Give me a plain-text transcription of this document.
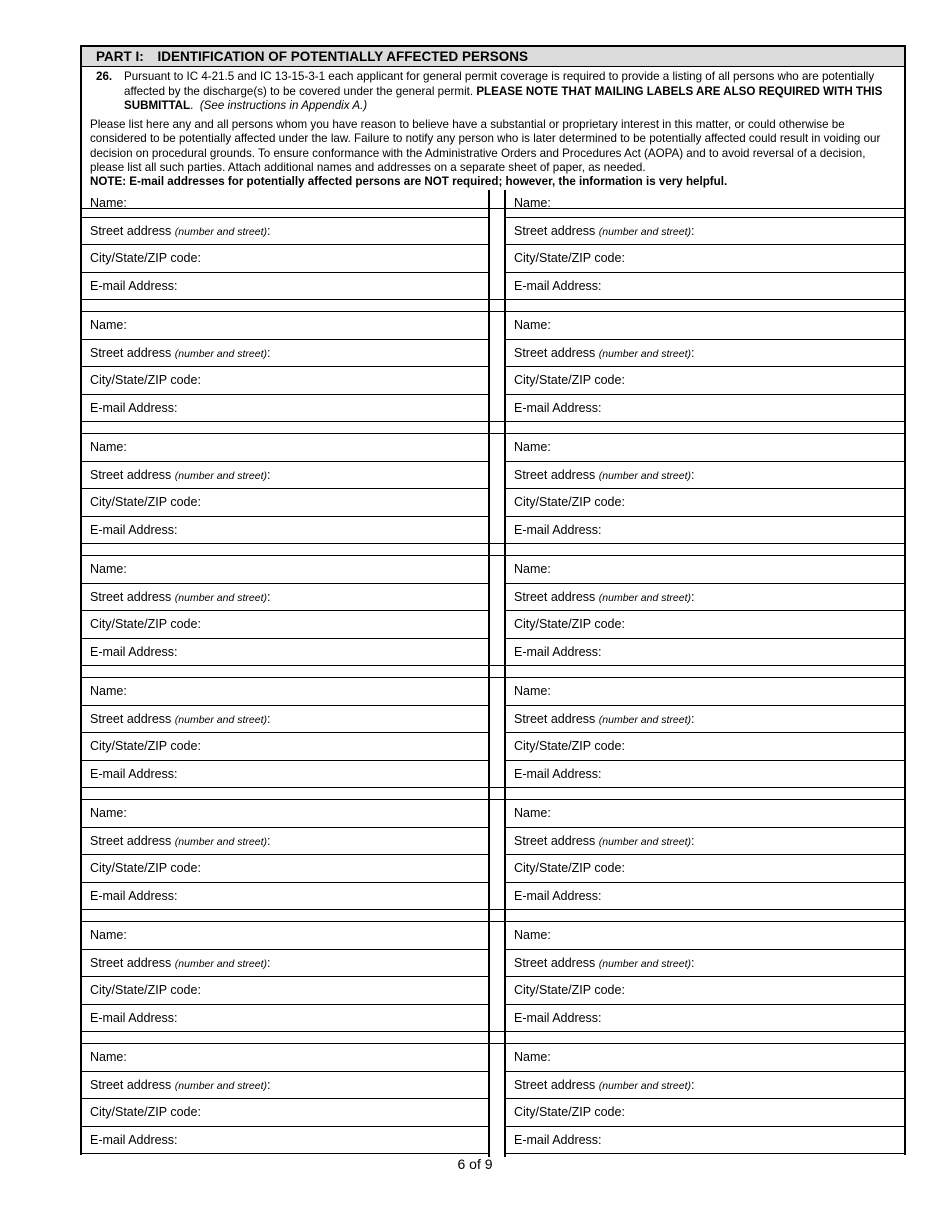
PART I: IDENTIFICATION OF POTENTIALLY AFFECTED PERSONS
26. Pursuant to IC 4-21.5 and IC 13-15-3-1 each applicant for general permit coverage is required to provide a listing of all persons who are potentially affected by the discharge(s) to be covered under the general permit. PLEASE NOTE THAT MAILING LABELS ARE ALSO REQUIRED WITH THIS SUBMITTAL. (See instructions in Appendix A.)
Please list here any and all persons whom you have reason to believe have a substantial or proprietary interest in this matter, or could otherwise be considered to be potentially affected under the law. Failure to notify any person who is later determined to be potentially affected could result in voiding our decision on procedural grounds. To ensure conformance with the Administrative Orders and Procedures Act (AOPA) and to avoid reversal of a decision, please list all such parties. Attach additional names and addresses on a separate sheet of paper, as needed.
NOTE: E-mail addresses for potentially affected persons are NOT required; however, the information is very helpful.
Name:
Street address (number and street):
City/State/ZIP code:
E-mail Address:
Name:
Street address (number and street):
City/State/ZIP code:
E-mail Address:
Name:
Street address (number and street):
City/State/ZIP code:
E-mail Address:
Name:
Street address (number and street):
City/State/ZIP code:
E-mail Address:
Name:
Street address (number and street):
City/State/ZIP code:
E-mail Address:
Name:
Street address (number and street):
City/State/ZIP code:
E-mail Address:
Name:
Street address (number and street):
City/State/ZIP code:
E-mail Address:
Name:
Street address (number and street):
City/State/ZIP code:
E-mail Address:
Name:
Street address (number and street):
City/State/ZIP code:
E-mail Address:
Name:
Street address (number and street):
City/State/ZIP code:
E-mail Address:
Name:
Street address (number and street):
City/State/ZIP code:
E-mail Address:
Name:
Street address (number and street):
City/State/ZIP code:
E-mail Address:
Name:
Street address (number and street):
City/State/ZIP code:
E-mail Address:
Name:
Street address (number and street):
City/State/ZIP code:
E-mail Address:
Name:
Street address (number and street):
City/State/ZIP code:
E-mail Address:
Name:
Street address (number and street):
City/State/ZIP code:
E-mail Address:
6 of 9
